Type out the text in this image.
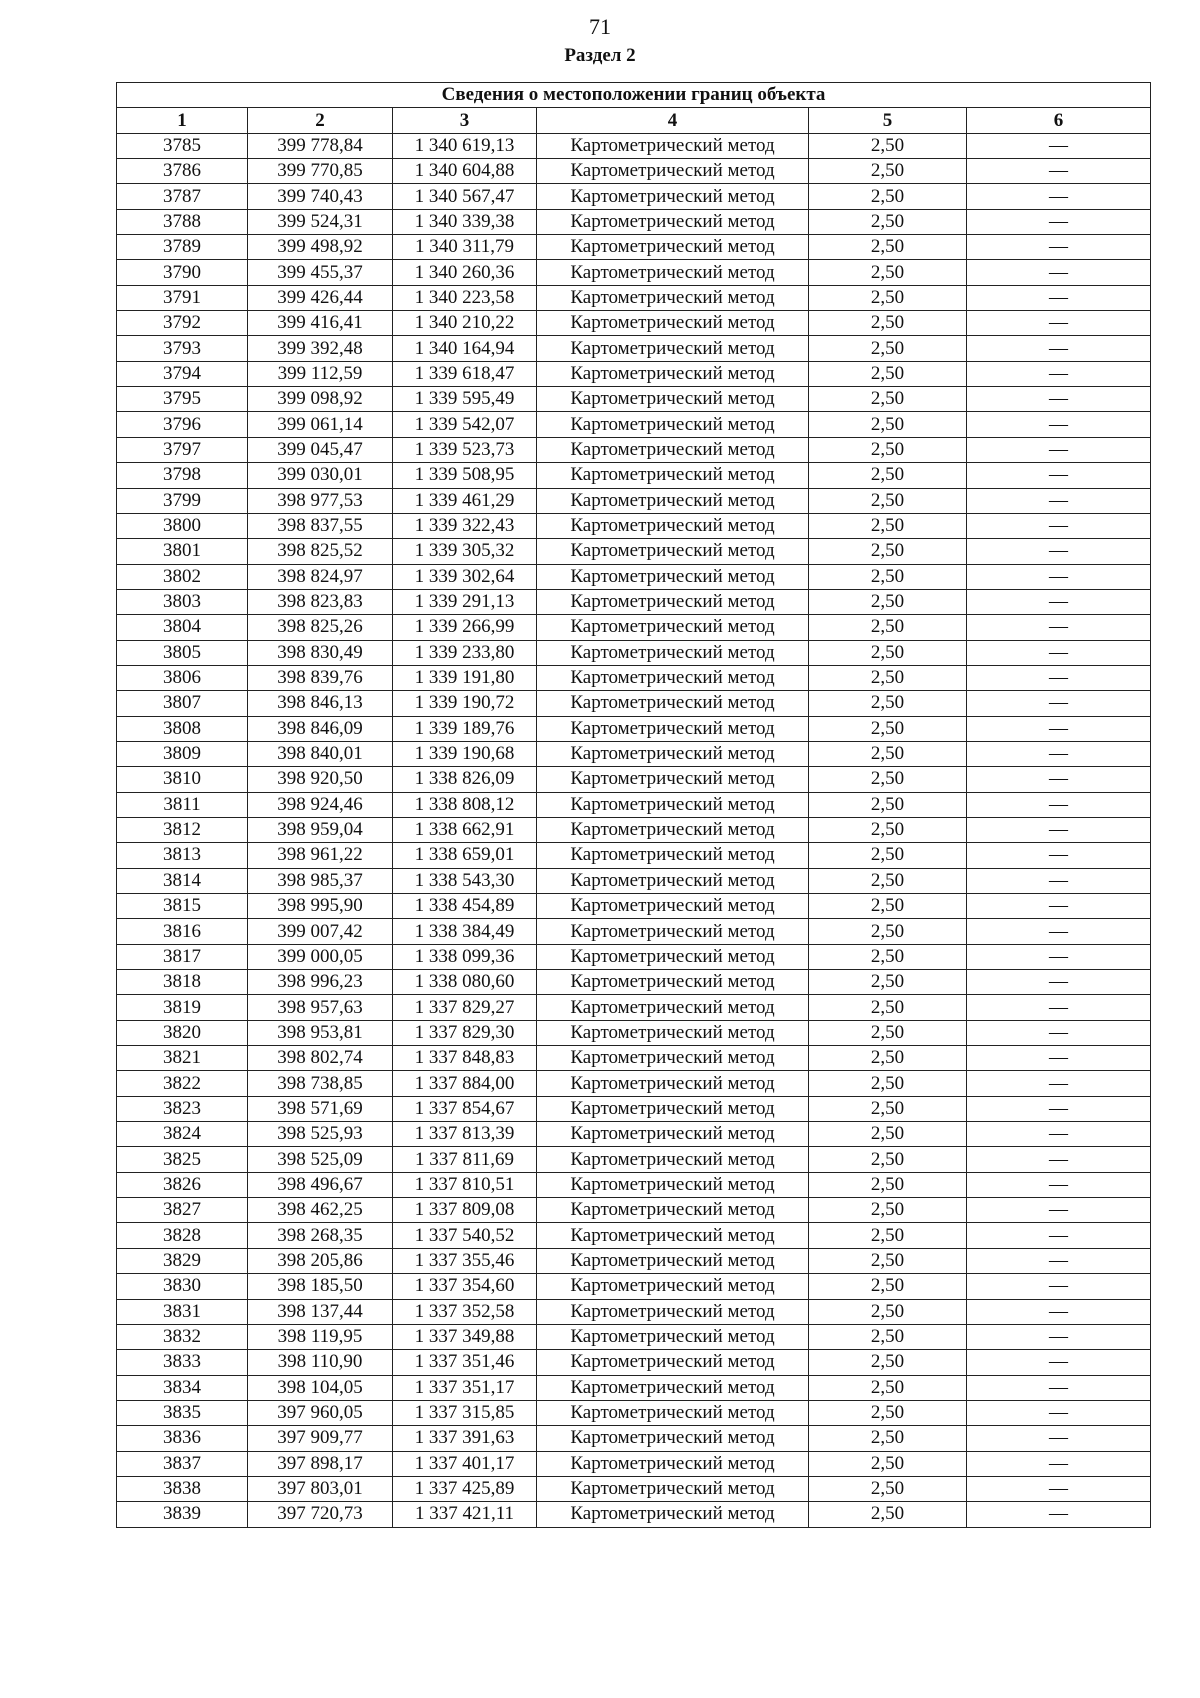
71
Раздел 2
Сведения о местоположении границ объекта					
1	2	3	4	5	6
3785	399 778,84	1 340 619,13	Картометрический метод	2,50	—
3786	399 770,85	1 340 604,88	Картометрический метод	2,50	—
3787	399 740,43	1 340 567,47	Картометрический метод	2,50	—
3788	399 524,31	1 340 339,38	Картометрический метод	2,50	—
3789	399 498,92	1 340 311,79	Картометрический метод	2,50	—
3790	399 455,37	1 340 260,36	Картометрический метод	2,50	—
3791	399 426,44	1 340 223,58	Картометрический метод	2,50	—
3792	399 416,41	1 340 210,22	Картометрический метод	2,50	—
3793	399 392,48	1 340 164,94	Картометрический метод	2,50	—
3794	399 112,59	1 339 618,47	Картометрический метод	2,50	—
3795	399 098,92	1 339 595,49	Картометрический метод	2,50	—
3796	399 061,14	1 339 542,07	Картометрический метод	2,50	—
3797	399 045,47	1 339 523,73	Картометрический метод	2,50	—
3798	399 030,01	1 339 508,95	Картометрический метод	2,50	—
3799	398 977,53	1 339 461,29	Картометрический метод	2,50	—
3800	398 837,55	1 339 322,43	Картометрический метод	2,50	—
3801	398 825,52	1 339 305,32	Картометрический метод	2,50	—
3802	398 824,97	1 339 302,64	Картометрический метод	2,50	—
3803	398 823,83	1 339 291,13	Картометрический метод	2,50	—
3804	398 825,26	1 339 266,99	Картометрический метод	2,50	—
3805	398 830,49	1 339 233,80	Картометрический метод	2,50	—
3806	398 839,76	1 339 191,80	Картометрический метод	2,50	—
3807	398 846,13	1 339 190,72	Картометрический метод	2,50	—
3808	398 846,09	1 339 189,76	Картометрический метод	2,50	—
3809	398 840,01	1 339 190,68	Картометрический метод	2,50	—
3810	398 920,50	1 338 826,09	Картометрический метод	2,50	—
3811	398 924,46	1 338 808,12	Картометрический метод	2,50	—
3812	398 959,04	1 338 662,91	Картометрический метод	2,50	—
3813	398 961,22	1 338 659,01	Картометрический метод	2,50	—
3814	398 985,37	1 338 543,30	Картометрический метод	2,50	—
3815	398 995,90	1 338 454,89	Картометрический метод	2,50	—
3816	399 007,42	1 338 384,49	Картометрический метод	2,50	—
3817	399 000,05	1 338 099,36	Картометрический метод	2,50	—
3818	398 996,23	1 338 080,60	Картометрический метод	2,50	—
3819	398 957,63	1 337 829,27	Картометрический метод	2,50	—
3820	398 953,81	1 337 829,30	Картометрический метод	2,50	—
3821	398 802,74	1 337 848,83	Картометрический метод	2,50	—
3822	398 738,85	1 337 884,00	Картометрический метод	2,50	—
3823	398 571,69	1 337 854,67	Картометрический метод	2,50	—
3824	398 525,93	1 337 813,39	Картометрический метод	2,50	—
3825	398 525,09	1 337 811,69	Картометрический метод	2,50	—
3826	398 496,67	1 337 810,51	Картометрический метод	2,50	—
3827	398 462,25	1 337 809,08	Картометрический метод	2,50	—
3828	398 268,35	1 337 540,52	Картометрический метод	2,50	—
3829	398 205,86	1 337 355,46	Картометрический метод	2,50	—
3830	398 185,50	1 337 354,60	Картометрический метод	2,50	—
3831	398 137,44	1 337 352,58	Картометрический метод	2,50	—
3832	398 119,95	1 337 349,88	Картометрический метод	2,50	—
3833	398 110,90	1 337 351,46	Картометрический метод	2,50	—
3834	398 104,05	1 337 351,17	Картометрический метод	2,50	—
3835	397 960,05	1 337 315,85	Картометрический метод	2,50	—
3836	397 909,77	1 337 391,63	Картометрический метод	2,50	—
3837	397 898,17	1 337 401,17	Картометрический метод	2,50	—
3838	397 803,01	1 337 425,89	Картометрический метод	2,50	—
3839	397 720,73	1 337 421,11	Картометрический метод	2,50	—
